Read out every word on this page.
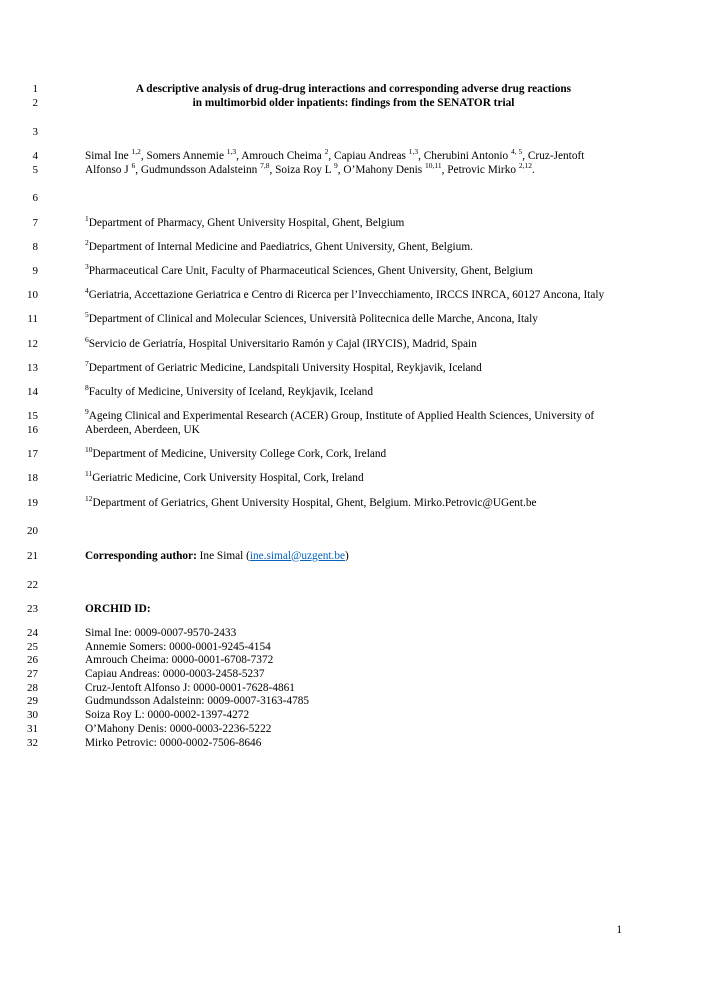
1	A descriptive analysis of drug-drug interactions and corresponding adverse drug reactions
2	in multimorbid older inpatients: findings from the SENATOR trial
3
4	Simal Ine $^{1,2}$, Somers Annemie $^{1,3}$, Amrouch Cheima $^2$, Capiau Andreas $^{1,3}$, Cherubini Antonio $^{4, 5}$, Cruz-Jentoft
5	Alfonso J $^6$, Gudmundsson Adalsteinn $^{7,8}$, Soiza Roy L $^9$, O’Mahony Denis $^{10,11}$, Petrovic Mirko $^{2,12}$.
6
7	$^1$Department of Pharmacy, Ghent University Hospital, Ghent, Belgium
8	$^2$Department of Internal Medicine and Paediatrics, Ghent University, Ghent, Belgium.
9	$^3$Pharmaceutical Care Unit, Faculty of Pharmaceutical Sciences, Ghent University, Ghent, Belgium
10	$^4$Geriatria, Accettazione Geriatrica e Centro di Ricerca per l’Invecchiamento, IRCCS INRCA, 60127 Ancona, Italy
11	$^5$Department of Clinical and Molecular Sciences, Università Politecnica delle Marche, Ancona, Italy
12	$^6$Servicio de Geriatría, Hospital Universitario Ramón y Cajal (IRYCIS), Madrid, Spain
13	$^7$Department of Geriatric Medicine, Landspitali University Hospital, Reykjavik, Iceland
14	$^8$Faculty of Medicine, University of Iceland, Reykjavik, Iceland
15	$^9$Ageing Clinical and Experimental Research (ACER) Group, Institute of Applied Health Sciences, University of
16	Aberdeen, Aberdeen, UK
17	$^{10}$Department of Medicine, University College Cork, Cork, Ireland
18	$^{11}$Geriatric Medicine, Cork University Hospital, Cork, Ireland
19	$^{12}$Department of Geriatrics, Ghent University Hospital, Ghent, Belgium. Mirko.Petrovic@UGent.be
20
21	Corresponding author: Ine Simal (ine.simal@uzgent.be)
22
23	ORCHID ID:
24	Simal Ine: 0009-0007-9570-2433
25	Annemie Somers: 0000-0001-9245-4154
26	Amrouch Cheima: 0000-0001-6708-7372
27	Capiau Andreas: 0000-0003-2458-5237
28	Cruz-Jentoft Alfonso J: 0000-0001-7628-4861
29	Gudmundsson Adalsteinn: 0009-0007-3163-4785
30	Soiza Roy L: 0000-0002-1397-4272
31	O’Mahony Denis: 0000-0003-2236-5222
32	Mirko Petrovic: 0000-0002-7506-8646
1
